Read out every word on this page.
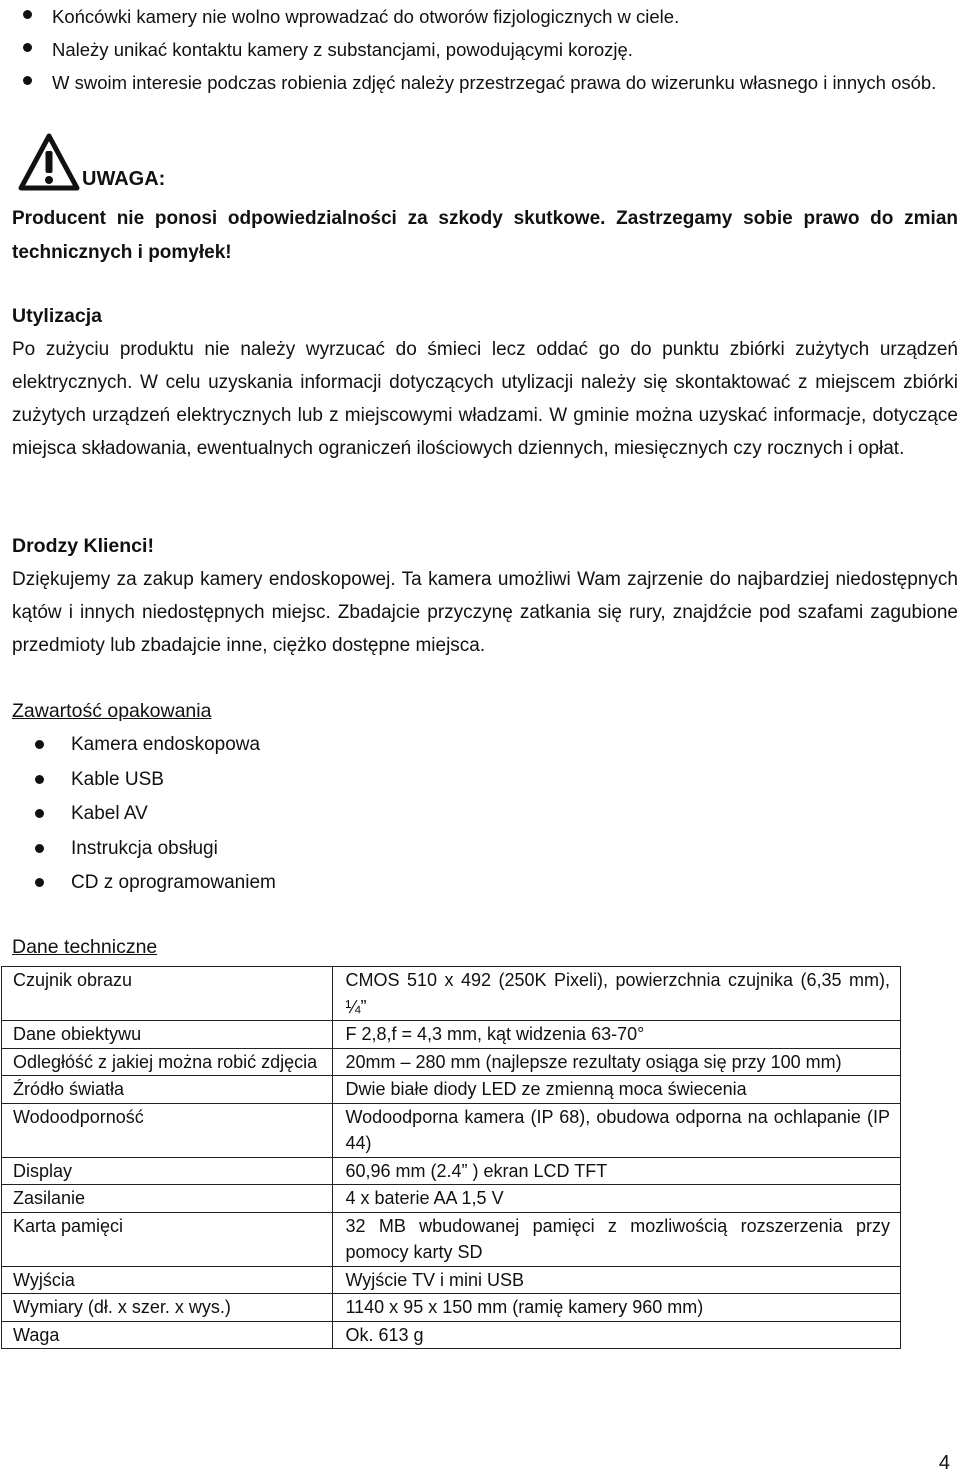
Końcówki kamery nie wolno wprowadzać do otworów fizjologicznych w ciele.
Należy unikać kontaktu kamery z substancjami, powodującymi korozję.
W swoim interesie podczas robienia zdjęć należy przestrzegać prawa do wizerunku własnego i innych osób.
UWAGA:
Producent nie ponosi odpowiedzialności za szkody skutkowe. Zastrzegamy sobie prawo do zmian technicznych i pomyłek!
Utylizacja
Po zużyciu produktu nie należy wyrzucać do śmieci lecz oddać go do punktu zbiórki zużytych urządzeń elektrycznych. W celu uzyskania informacji dotyczących utylizacji należy się skontaktować z miejscem zbiórki zużytych urządzeń elektrycznych lub z miejscowymi władzami. W gminie można uzyskać informacje, dotyczące miejsca składowania, ewentualnych ograniczeń ilościowych dziennych, miesięcznych czy rocznych i opłat.
Drodzy Klienci!
Dziękujemy za zakup kamery endoskopowej. Ta kamera umożliwi Wam zajrzenie do najbardziej niedostępnych kątów i innych niedostępnych miejsc. Zbadajcie przyczynę zatkania się rury, znajdźcie pod szafami zagubione przedmioty lub zbadajcie inne, ciężko dostępne miejsca.
Zawartość opakowania
Kamera endoskopowa
Kable USB
Kabel AV
Instrukcja obsługi
CD z oprogramowaniem
Dane techniczne
Czujnik obrazu	CMOS 510 x 492 (250K Pixeli), powierzchnia czujnika (6,35 mm), ¼”
Dane obiektywu	F 2,8,f = 4,3 mm, kąt widzenia 63-70°
Odległóść z jakiej można robić zdjęcia	20mm – 280 mm (najlepsze rezultaty osiąga się przy 100 mm)
Źródło światła	Dwie białe diody LED ze zmienną moca świecenia
Wodoodporność	Wodoodporna kamera (IP 68), obudowa odporna na ochlapanie (IP 44)
Display	60,96 mm (2.4” ) ekran LCD TFT
Zasilanie	4 x baterie AA 1,5 V
Karta pamięci	32 MB wbudowanej pamięci z mozliwością rozszerzenia przy pomocy karty SD
Wyjścia	Wyjście TV i mini USB
Wymiary (dł. x szer. x wys.)	1140 x 95 x 150 mm (ramię kamery 960 mm)
Waga	Ok. 613 g
4
